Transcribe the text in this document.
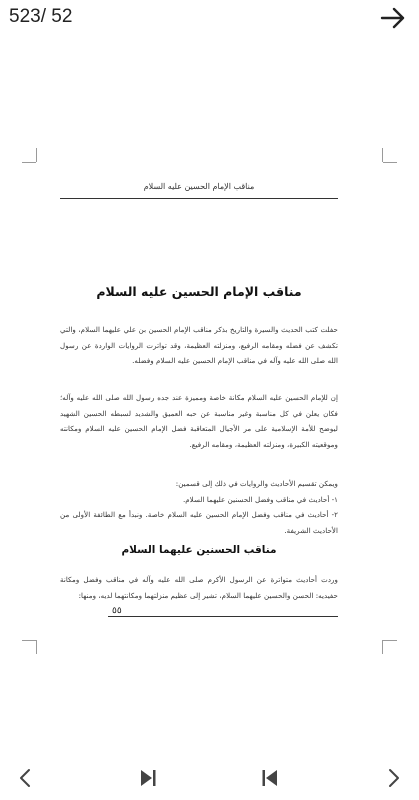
523/ 52
مناقب الإمام الحسين عليه السلام
مناقب الإمام الحسين عليه السلام
حفلت كتب الحديث والسيرة والتاريخ بذكر مناقب الإمام الحسين بن علي عليهما السلام، والتي تكشف عن فضله ومقامه الرفيع، ومنزلته العظيمة، وقد تواترت الروايات الواردة عن رسول الله صلى الله عليه وآله في مناقب الإمام الحسين عليه السلام وفضله.
إن للإمام الحسين عليه السلام مكانة خاصة ومميزة عند جده رسول الله صلى الله عليه وآله؛ فكان يعلن في كل مناسبة وغير مناسبة عن حبه العميق والشديد لسبطه الحسين الشهيد ليوضح للأمة الإسلامية على مر الأجيال المتعاقبة فضل الإمام الحسين عليه السلام ومكانته وموقعيته الكبيرة، ومنزلته العظيمة، ومقامه الرفيع.
ويمكن تقسيم الأحاديث والروايات في ذلك إلى قسمين:
١- أحاديث في مناقب وفضل الحسنين عليهما السلام.
٢- أحاديث في مناقب وفضل الإمام الحسين عليه السلام خاصة. ونبدأ مع الطائفة الأولى من الأحاديث الشريفة.
مناقب الحسنين عليهما السلام
وردت أحاديث متواترة عن الرسول الأكرم صلى الله عليه وآله في مناقب وفضل ومكانة حفيديه: الحسن والحسين عليهما السلام، تشير إلى عظيم منزلتهما ومكانتهما لديه، ومنها:
٥٥
